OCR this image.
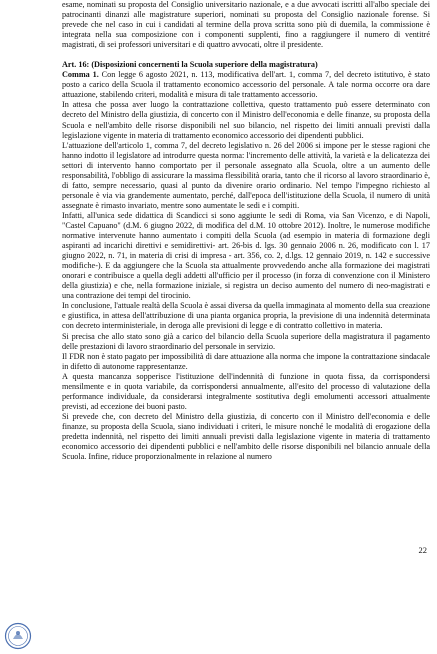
esame, nominati su proposta del Consiglio universitario nazionale, e a due avvocati iscritti all'albo speciale dei patrocinanti dinanzi alle magistrature superiori, nominati su proposta del Consiglio nazionale forense. Si prevede che nel caso in cui i candidati al termine della prova scritta sono più di duemila, la commissione è integrata nella sua composizione con i componenti supplenti, fino a raggiungere il numero di ventitré magistrati, di sei professori universitari e di quattro avvocati, oltre il presidente.

Art. 16: (Disposizioni concernenti la Scuola superiore della magistratura)

Comma 1. Con legge 6 agosto 2021, n. 113, modificativa dell'art. 1, comma 7, del decreto istitutivo, è stato posto a carico della Scuola il trattamento economico accessorio del personale. A tale norma occorre ora dare attuazione, stabilendo criteri, modalità e misura di tale trattamento accessorio.

In attesa che possa aver luogo la contrattazione collettiva, questo trattamento può essere determinato con decreto del Ministro della giustizia, di concerto con il Ministro dell'economia e delle finanze, su proposta della Scuola e nell'ambito delle risorse disponibili nel suo bilancio, nel rispetto dei limiti annuali previsti dalla legislazione vigente in materia di trattamento economico accessorio dei dipendenti pubblici.

L'attuazione dell'articolo 1, comma 7, del decreto legislativo n. 26 del 2006 si impone per le stesse ragioni che hanno indotto il legislatore ad introdurre questa norma: l'incremento delle attività, la varietà e la delicatezza dei settori di intervento hanno comportato per il personale assegnato alla Scuola, oltre a un aumento delle responsabilità, l'obbligo di assicurare la massima flessibilità oraria, tanto che il ricorso al lavoro straordinario è, di fatto, sempre necessario, quasi al punto da divenire orario ordinario. Nel tempo l'impegno richiesto al personale è via via grandemente aumentato, perché, dall'epoca dell'istituzione della Scuola, il numero di unità assegnate è rimasto invariato, mentre sono aumentate le sedi e i compiti.

Infatti, all'unica sede didattica di Scandicci si sono aggiunte le sedi di Roma, via San Vicenzo, e di Napoli, "Castel Capuano" (d.M. 6 giugno 2022, di modifica del d.M. 10 ottobre 2012). Inoltre, le numerose modifiche normative intervenute hanno aumentato i compiti della Scuola (ad esempio in materia di formazione degli aspiranti ad incarichi direttivi e semidirettivi- art. 26-bis d. lgs. 30 gennaio 2006 n. 26, modificato con l. 17 giugno 2022, n. 71, in materia di crisi di impresa - art. 356, co. 2, d.lgs. 12 gennaio 2019, n. 142 e successive modifiche-). E da aggiungere che la Scuola sta attualmente provvedendo anche alla formazione dei magistrati onorari e contribuisce a quella degli addetti all'ufficio per il processo (in forza di convenzione con il Ministero della giustizia) e che, nella formazione iniziale, si registra un deciso aumento del numero di neo-magistrati e una contrazione dei tempi del tirocinio.

In conclusione, l'attuale realtà della Scuola è assai diversa da quella immaginata al momento della sua creazione e giustifica, in attesa dell'attribuzione di una pianta organica propria, la previsione di una indennità determinata con decreto interministeriale, in deroga alle previsioni di legge e di contratto collettivo in materia.

Si precisa che allo stato sono già a carico del bilancio della Scuola superiore della magistratura il pagamento delle prestazioni di lavoro straordinario del personale in servizio.

Il FDR non è stato pagato per impossibilità di dare attuazione alla norma che impone la contrattazione sindacale in difetto di autonome rappresentanze.

A questa mancanza sopperisce l'istituzione dell'indennità di funzione in quota fissa, da corrispondersi mensilmente e in quota variabile, da corrispondersi annualmente, all'esito del processo di valutazione della performance individuale, da considerarsi integralmente sostitutiva degli emolumenti accessori attualmente previsti, ad eccezione dei buoni pasto.

Si prevede che, con decreto del Ministro della giustizia, di concerto con il Ministro dell'economia e delle finanze, su proposta della Scuola, siano individuati i criteri, le misure nonché le modalità di erogazione della predetta indennità, nel rispetto dei limiti annuali previsti dalla legislazione vigente in materia di trattamento economico accessorio dei dipendenti pubblici e nell'ambito delle risorse disponibili nel bilancio annuale della Scuola. Infine, riduce proporzionalmente in relazione al numero

22
